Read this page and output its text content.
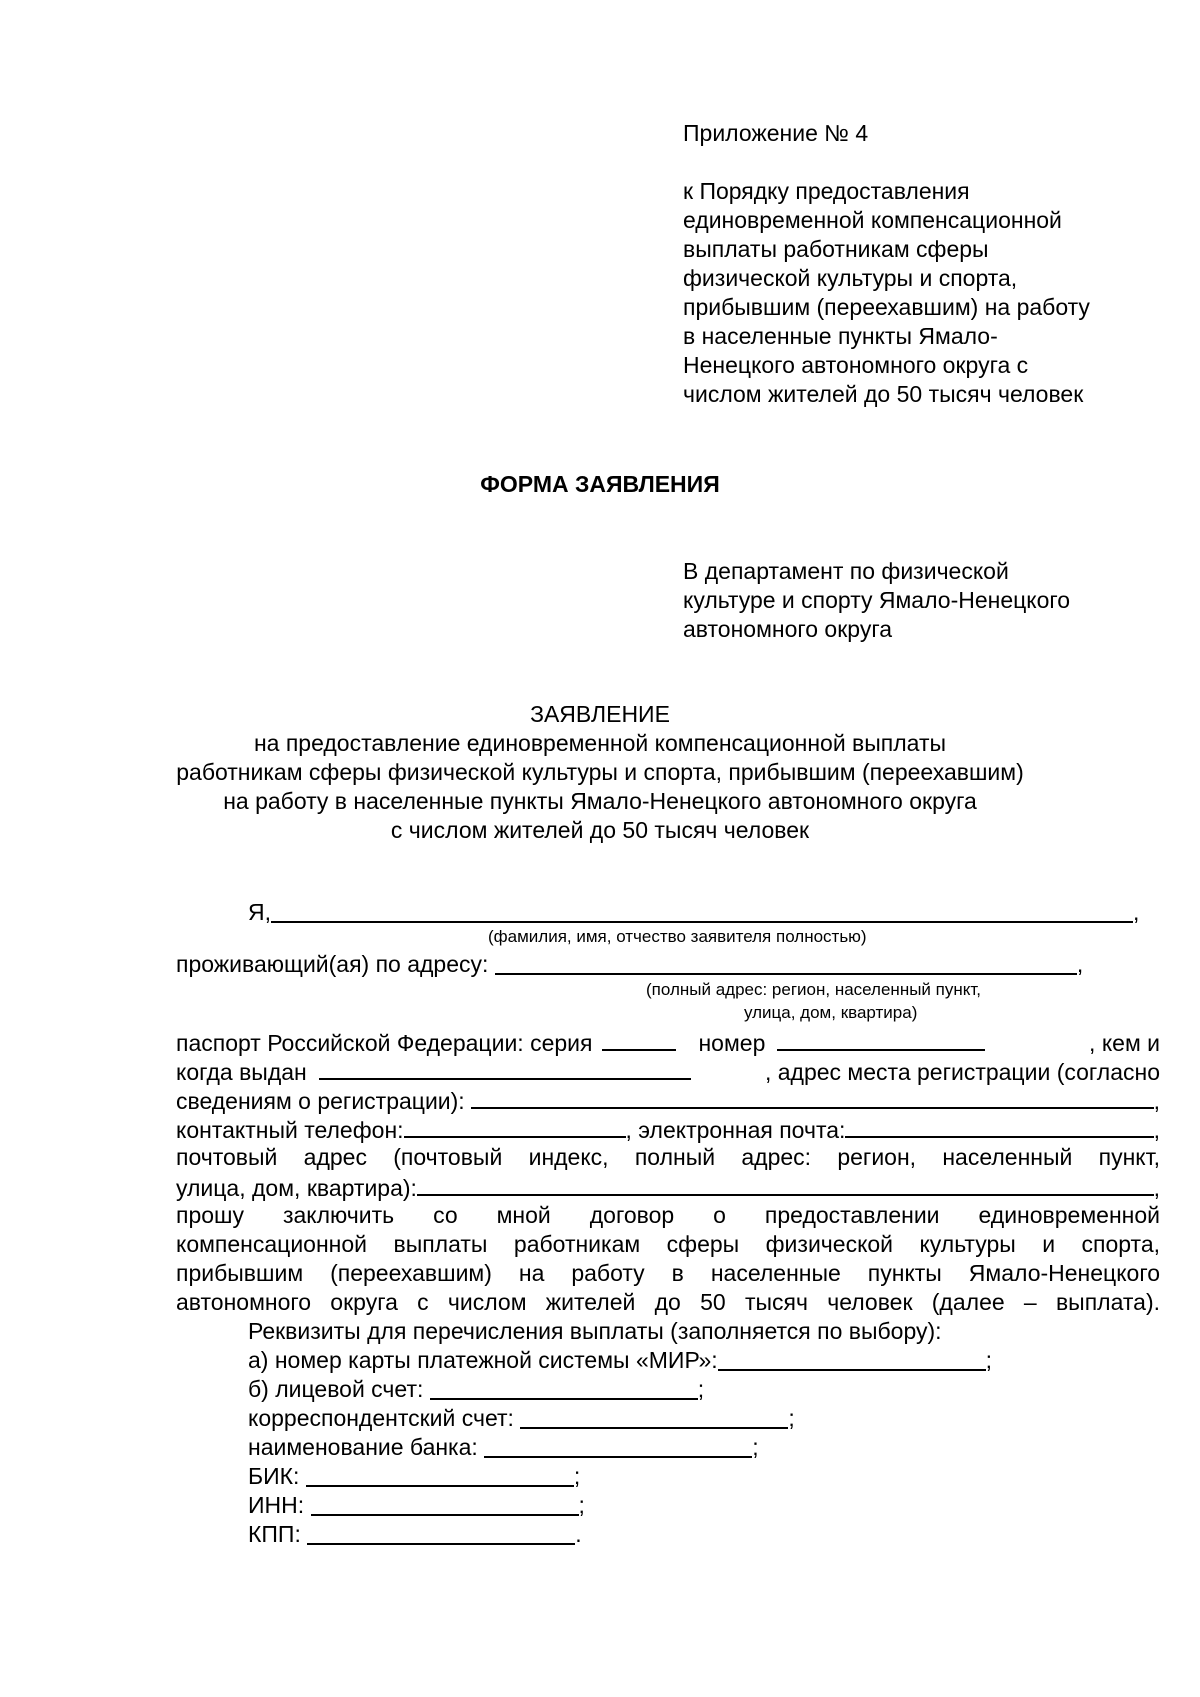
Приложение № 4
к Порядку предоставления
единовременной компенсационной
выплаты работникам сферы
физической культуры и спорта,
прибывшим (переехавшим) на работу
в населенные пункты Ямало-
Ненецкого автономного округа с
числом жителей до 50 тысяч человек
ФОРМА ЗАЯВЛЕНИЯ
В департамент по физической
культуре и спорту Ямало-Ненецкого
автономного округа
ЗАЯВЛЕНИЕ
на предоставление единовременной компенсационной выплаты
работникам сферы физической культуры и спорта, прибывшим (переехавшим)
на работу в населенные пункты Ямало-Ненецкого автономного округа
с числом жителей до 50 тысяч человек
Я,	,
(фамилия, имя, отчество заявителя полностью)
проживающий(ая) по адресу:	,
(полный адрес: регион, населенный пункт,
улица, дом, квартира)
паспорт Российской Федерации: серия	номер	, кем и
когда выдан	, адрес места регистрации (согласно
сведениям о регистрации):	,
контактный телефон:	, электронная почта:	,
почтовый адрес (почтовый индекс, полный адрес: регион, населенный пункт,
улица, дом, квартира):	,
прошу заключить со мной договор о предоставлении единовременной
компенсационной выплаты работникам сферы физической культуры и спорта,
прибывшим (переехавшим) на работу в населенные пункты Ямало-Ненецкого
автономного округа с числом жителей до 50 тысяч человек (далее – выплата).
Реквизиты для перечисления выплаты (заполняется по выбору):
а) номер карты платежной системы «МИР»:	;
б) лицевой счет:	;
корреспондентский счет:	;
наименование банка:	;
БИК:	;
ИНН:	;
КПП:	.
